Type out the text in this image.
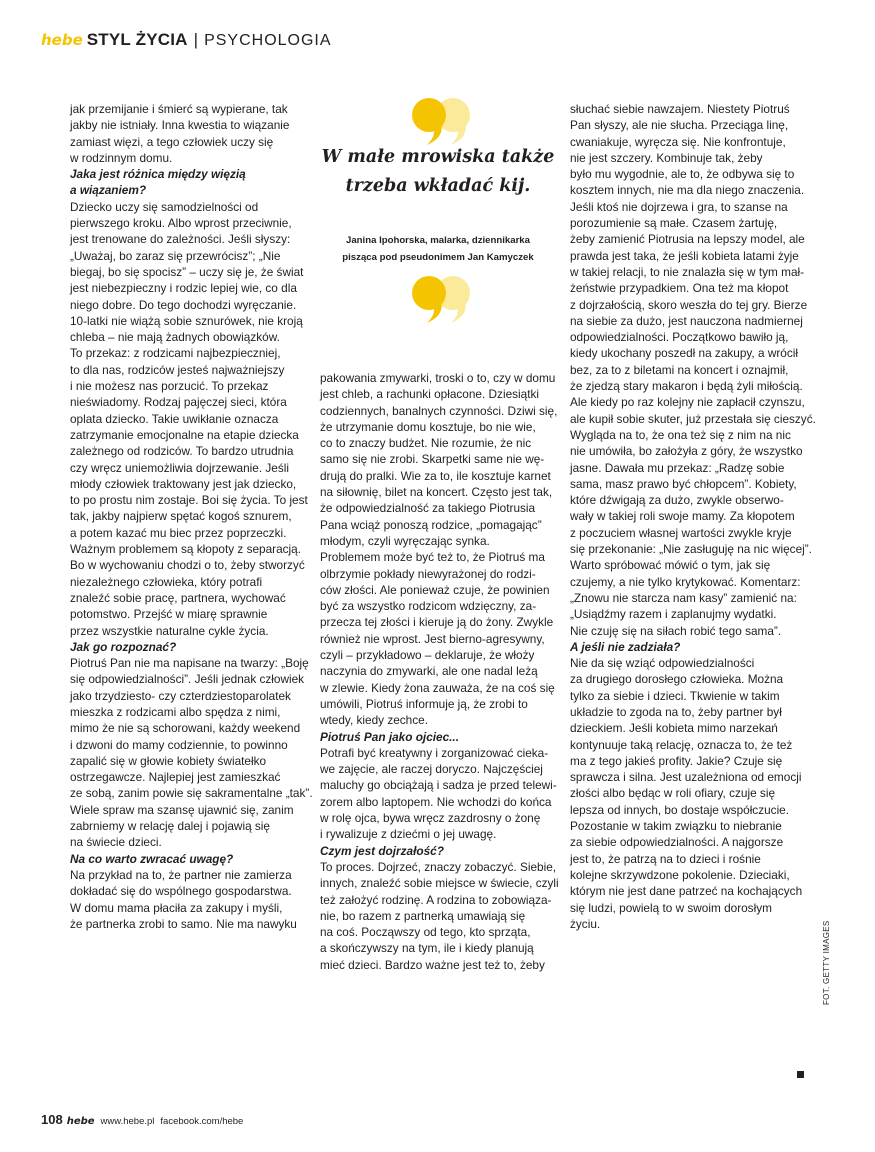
hebe STYL ŻYCIA | PSYCHOLOGIA

jak przemijanie i śmierć są wypierane, tak
jakby nie istniały. Inna kwestia to wiązanie
zamiast więzi, a tego człowiek uczy się
w rodzinnym domu.

Jaka jest różnica między więzią
a wiązaniem?

Dziecko uczy się samodzielności od
pierwszego kroku. Albo wprost przeciwnie,
jest trenowane do zależności. Jeśli słyszy:
„Uważaj, bo zaraz się przewrócisz”; „Nie
biegaj, bo się spocisz” – uczy się je, że świat
jest niebezpieczny i rodzic lepiej wie, co dla
niego dobre. Do tego dochodzi wyręczanie.
10-latki nie wiążą sobie sznurówek, nie kroją
chleba – nie mają żadnych obowiązków.
To przekaz: z rodzicami najbezpieczniej,
to dla nas, rodziców jesteś najważniejszy
i nie możesz nas porzucić. To przekaz
nieświadomy. Rodzaj pajęczej sieci, która
oplata dziecko. Takie uwikłanie oznacza
zatrzymanie emocjonalne na etapie dziecka
zależnego od rodziców. To bardzo utrudnia
czy wręcz uniemożliwia dojrzewanie. Jeśli
młody człowiek traktowany jest jak dziecko,
to po prostu nim zostaje. Boi się życia. To jest
tak, jakby najpierw spętać kogoś sznurem,
a potem kazać mu biec przez poprzeczki.
Ważnym problemem są kłopoty z separacją.
Bo w wychowaniu chodzi o to, żeby stworzyć
niezależnego człowieka, który potrafi
znaleźć sobie pracę, partnera, wychować
potomstwo. Przejść w miarę sprawnie
przez wszystkie naturalne cykle życia.

Jak go rozpoznać?

Piotruś Pan nie ma napisane na twarzy: „Boję
się odpowiedzialności”. Jeśli jednak człowiek
jako trzydziesto- czy czterdziestoparolatek
mieszka z rodzicami albo spędza z nimi,
mimo że nie są schorowani, każdy weekend
i dzwoni do mamy codziennie, to powinno
zapalić się w głowie kobiety światełko
ostrzegawcze. Najlepiej jest zamieszkać
ze sobą, zanim powie się sakramentalne „tak”.
Wiele spraw ma szansę ujawnić się, zanim
zabrniemy w relację dalej i pojawią się
na świecie dzieci.

Na co warto zwracać uwagę?

Na przykład na to, że partner nie zamierza
dokładać się do wspólnego gospodarstwa.
W domu mama płaciła za zakupy i myśli,
że partnerka zrobi to samo. Nie ma nawyku

pakowania zmywarki, troski o to, czy w domu
jest chleb, a rachunki opłacone. Dziesiątki
codziennych, banalnych czynności. Dziwi się,
że utrzymanie domu kosztuje, bo nie wie,
co to znaczy budżet. Nie rozumie, że nic
samo się nie zrobi. Skarpetki same nie wę-
drują do pralki. Wie za to, ile kosztuje karnet
na siłownię, bilet na koncert. Często jest tak,
że odpowiedzialność za takiego Piotrusia
Pana wciąż ponoszą rodzice, „pomagając”
młodym, czyli wyręczając synka.
Problemem może być też to, że Piotruś ma
olbrzymie pokłady niewyrażonej do rodzi-
ców złości. Ale ponieważ czuje, że powinien
być za wszystko rodzicom wdzięczny, za-
przecza tej złości i kieruje ją do żony. Zwykle
również nie wprost. Jest bierno-agresywny,
czyli – przykładowo – deklaruje, że włoży
naczynia do zmywarki, ale one nadal leżą
w zlewie. Kiedy żona zauważa, że na coś się
umówili, Piotruś informuje ją, że zrobi to
wtedy, kiedy zechce.

Piotruś Pan jako ojciec...

Potrafi być kreatywny i zorganizować cieka-
we zajęcie, ale raczej doryczo. Najczęściej
maluchy go obciążają i sadza je przed telewi-
zorem albo laptopem. Nie wchodzi do końca
w rolę ojca, bywa wręcz zazdrosny o żonę
i rywalizuje z dziećmi o jej uwagę.

Czym jest dojrzałość?

To proces. Dojrzeć, znaczy zobaczyć. Siebie,
innych, znaleźć sobie miejsce w świecie, czyli
też założyć rodzinę. A rodzina to zobowiąza-
nie, bo razem z partnerką umawiają się
na coś. Począwszy od tego, kto sprząta,
a skończywszy na tym, ile i kiedy planują
mieć dzieci. Bardzo ważne jest też to, żeby

słuchać siebie nawzajem. Niestety Piotruś
Pan słyszy, ale nie słucha. Przeciąga linę,
cwaniakuje, wyręcza się. Nie konfrontuje,
nie jest szczery. Kombinuje tak, żeby
było mu wygodnie, ale to, że odbywa się to
kosztem innych, nie ma dla niego znaczenia.
Jeśli ktoś nie dojrzewa i gra, to szanse na
porozumienie są małe. Czasem żartuję,
żeby zamienić Piotrusia na lepszy model, ale
prawda jest taka, że jeśli kobieta latami żyje
w takiej relacji, to nie znalazła się w tym mał-
żeństwie przypadkiem. Ona też ma kłopot
z dojrzałością, skoro weszła do tej gry. Bierze
na siebie za dużo, jest nauczona nadmiernej
odpowiedzialności. Początkowo bawiło ją,
kiedy ukochany poszedł na zakupy, a wrócił
bez, za to z biletami na koncert i oznajmił,
że zjedzą stary makaron i będą żyli miłością.
Ale kiedy po raz kolejny nie zapłacił czynszu,
ale kupił sobie skuter, już przestała się cieszyć.
Wygląda na to, że ona też się z nim na nic
nie umówiła, bo założyła z góry, że wszystko
jasne. Dawała mu przekaz: „Radzę sobie
sama, masz prawo być chłopcem”. Kobiety,
które dźwigają za dużo, zwykle obserwo-
wały w takiej roli swoje mamy. Za kłopotem
z poczuciem własnej wartości zwykle kryje
się przekonanie: „Nie zasługuję na nic więcej”.
Warto spróbować mówić o tym, jak się
czujemy, a nie tylko krytykować. Komentarz:
„Znowu nie starcza nam kasy” zamienić na:
„Usiądźmy razem i zaplanujmy wydatki.
Nie czuję się na siłach robić tego sama”.

A jeśli nie zadziała?

Nie da się wziąć odpowiedzialności
za drugiego dorosłego człowieka. Można
tylko za siebie i dzieci. Tkwienie w takim
układzie to zgoda na to, żeby partner był
dzieckiem. Jeśli kobieta mimo narzekań
kontynuuje taką relację, oznacza to, że też
ma z tego jakieś profity. Jakie? Czuje się
sprawcza i silna. Jest uzależniona od emocji
złości albo będąc w roli ofiary, czuje się
lepsza od innych, bo dostaje współczucie.
Pozostanie w takim związku to niebranie
za siebie odpowiedzialności. A najgorsze
jest to, że patrzą na to dzieci i rośnie
kolejne skrzywdzone pokolenie. Dzieciaki,
którym nie jest dane patrzeć na kochających
się ludzi, powielą to w swoim dorosłym
życiu.

W małe mrowiska także
trzeba wkładać kij.
Janina Ipohorska, malarka, dziennikarka
pisząca pod pseudonimem Jan Kamyczek
FOT. GETTY IMAGES
108 hebe www.hebe.pl facebook.com/hebe
